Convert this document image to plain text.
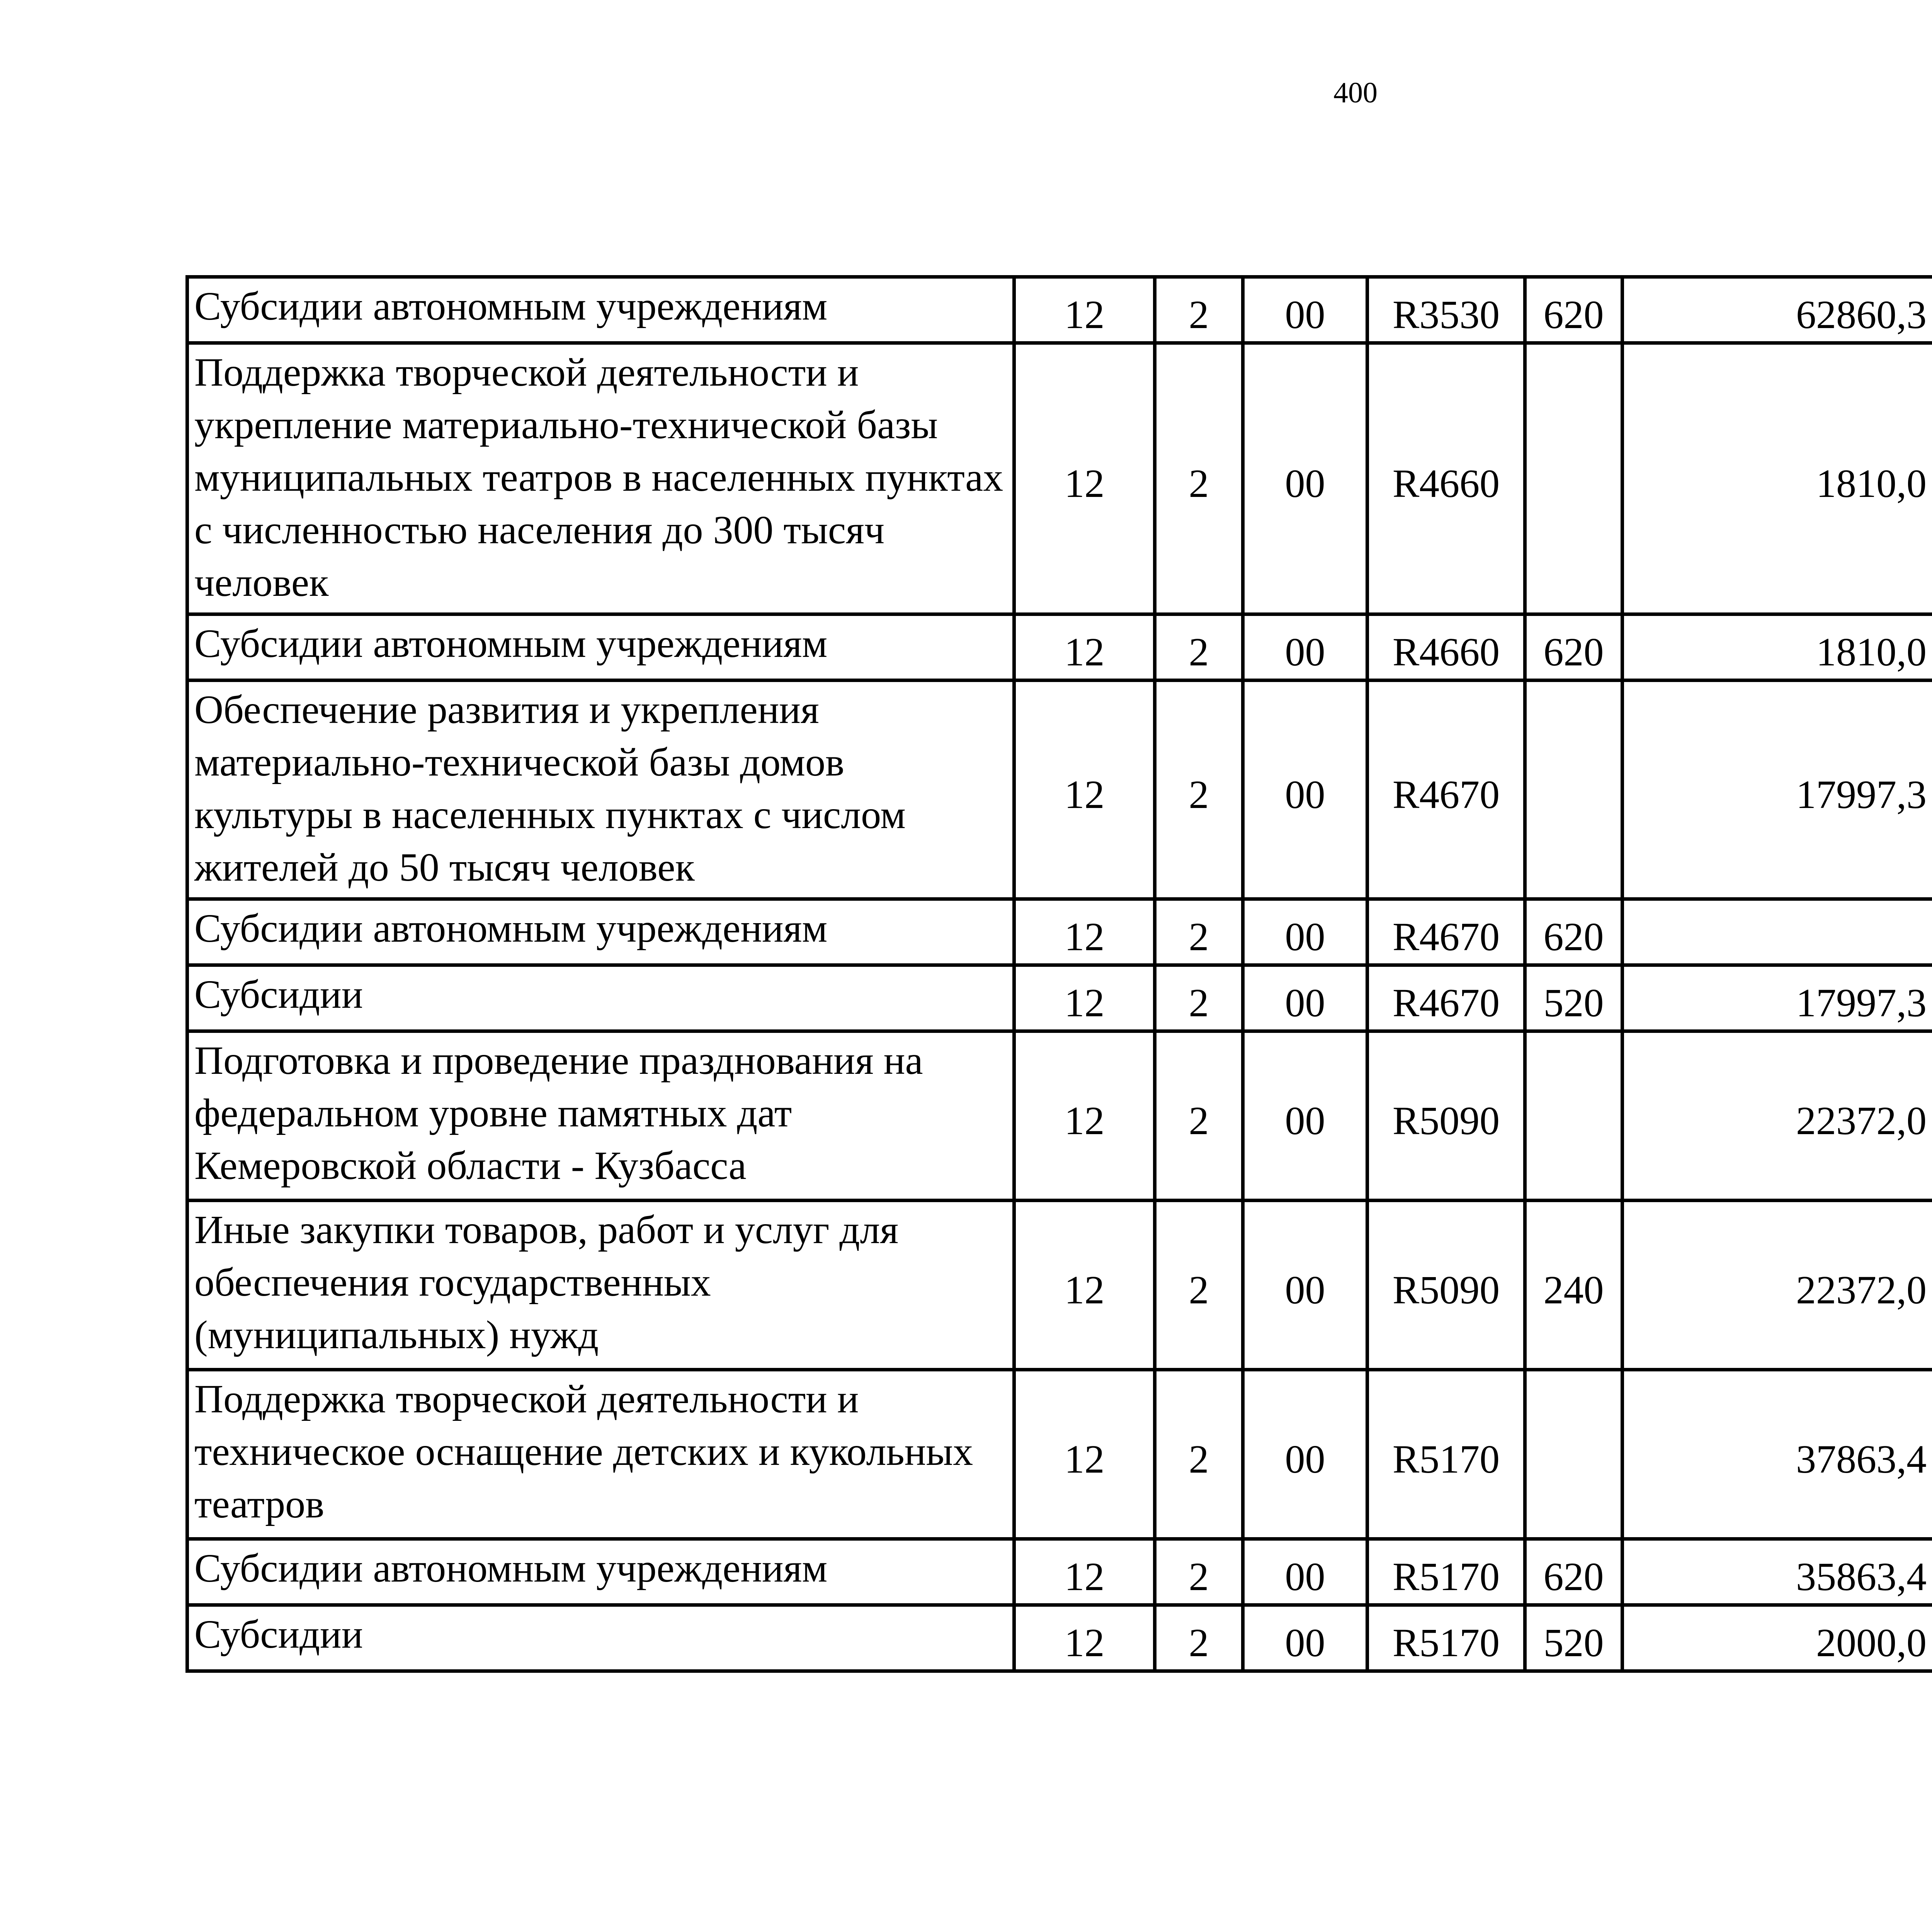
400
Субсидии автономным учреждениям	12	2	00	R3530	620	62860,3		
Поддержка творческой деятельности и укрепление материально-технической базы муниципальных театров в населенных пунктах с численностью населения до 300 тысяч человек	12	2	00	R4660		1810,0		
Субсидии автономным учреждениям	12	2	00	R4660	620	1810,0		
Обеспечение развития и укрепления материально-технической базы домов культуры в населенных пунктах с числом жителей до 50 тысяч человек	12	2	00	R4670		17997,3		
Субсидии автономным учреждениям	12	2	00	R4670	620			
Субсидии	12	2	00	R4670	520	17997,3		
Подготовка и проведение празднования на федеральном уровне памятных дат Кемеровской области - Кузбасса	12	2	00	R5090		22372,0		
Иные закупки товаров, работ и услуг для обеспечения государственных (муниципальных) нужд	12	2	00	R5090	240	22372,0		
Поддержка творческой деятельности и техническое оснащение детских и кукольных театров	12	2	00	R5170		37863,4		
Субсидии автономным учреждениям	12	2	00	R5170	620	35863,4		
Субсидии	12	2	00	R5170	520	2000,0		
